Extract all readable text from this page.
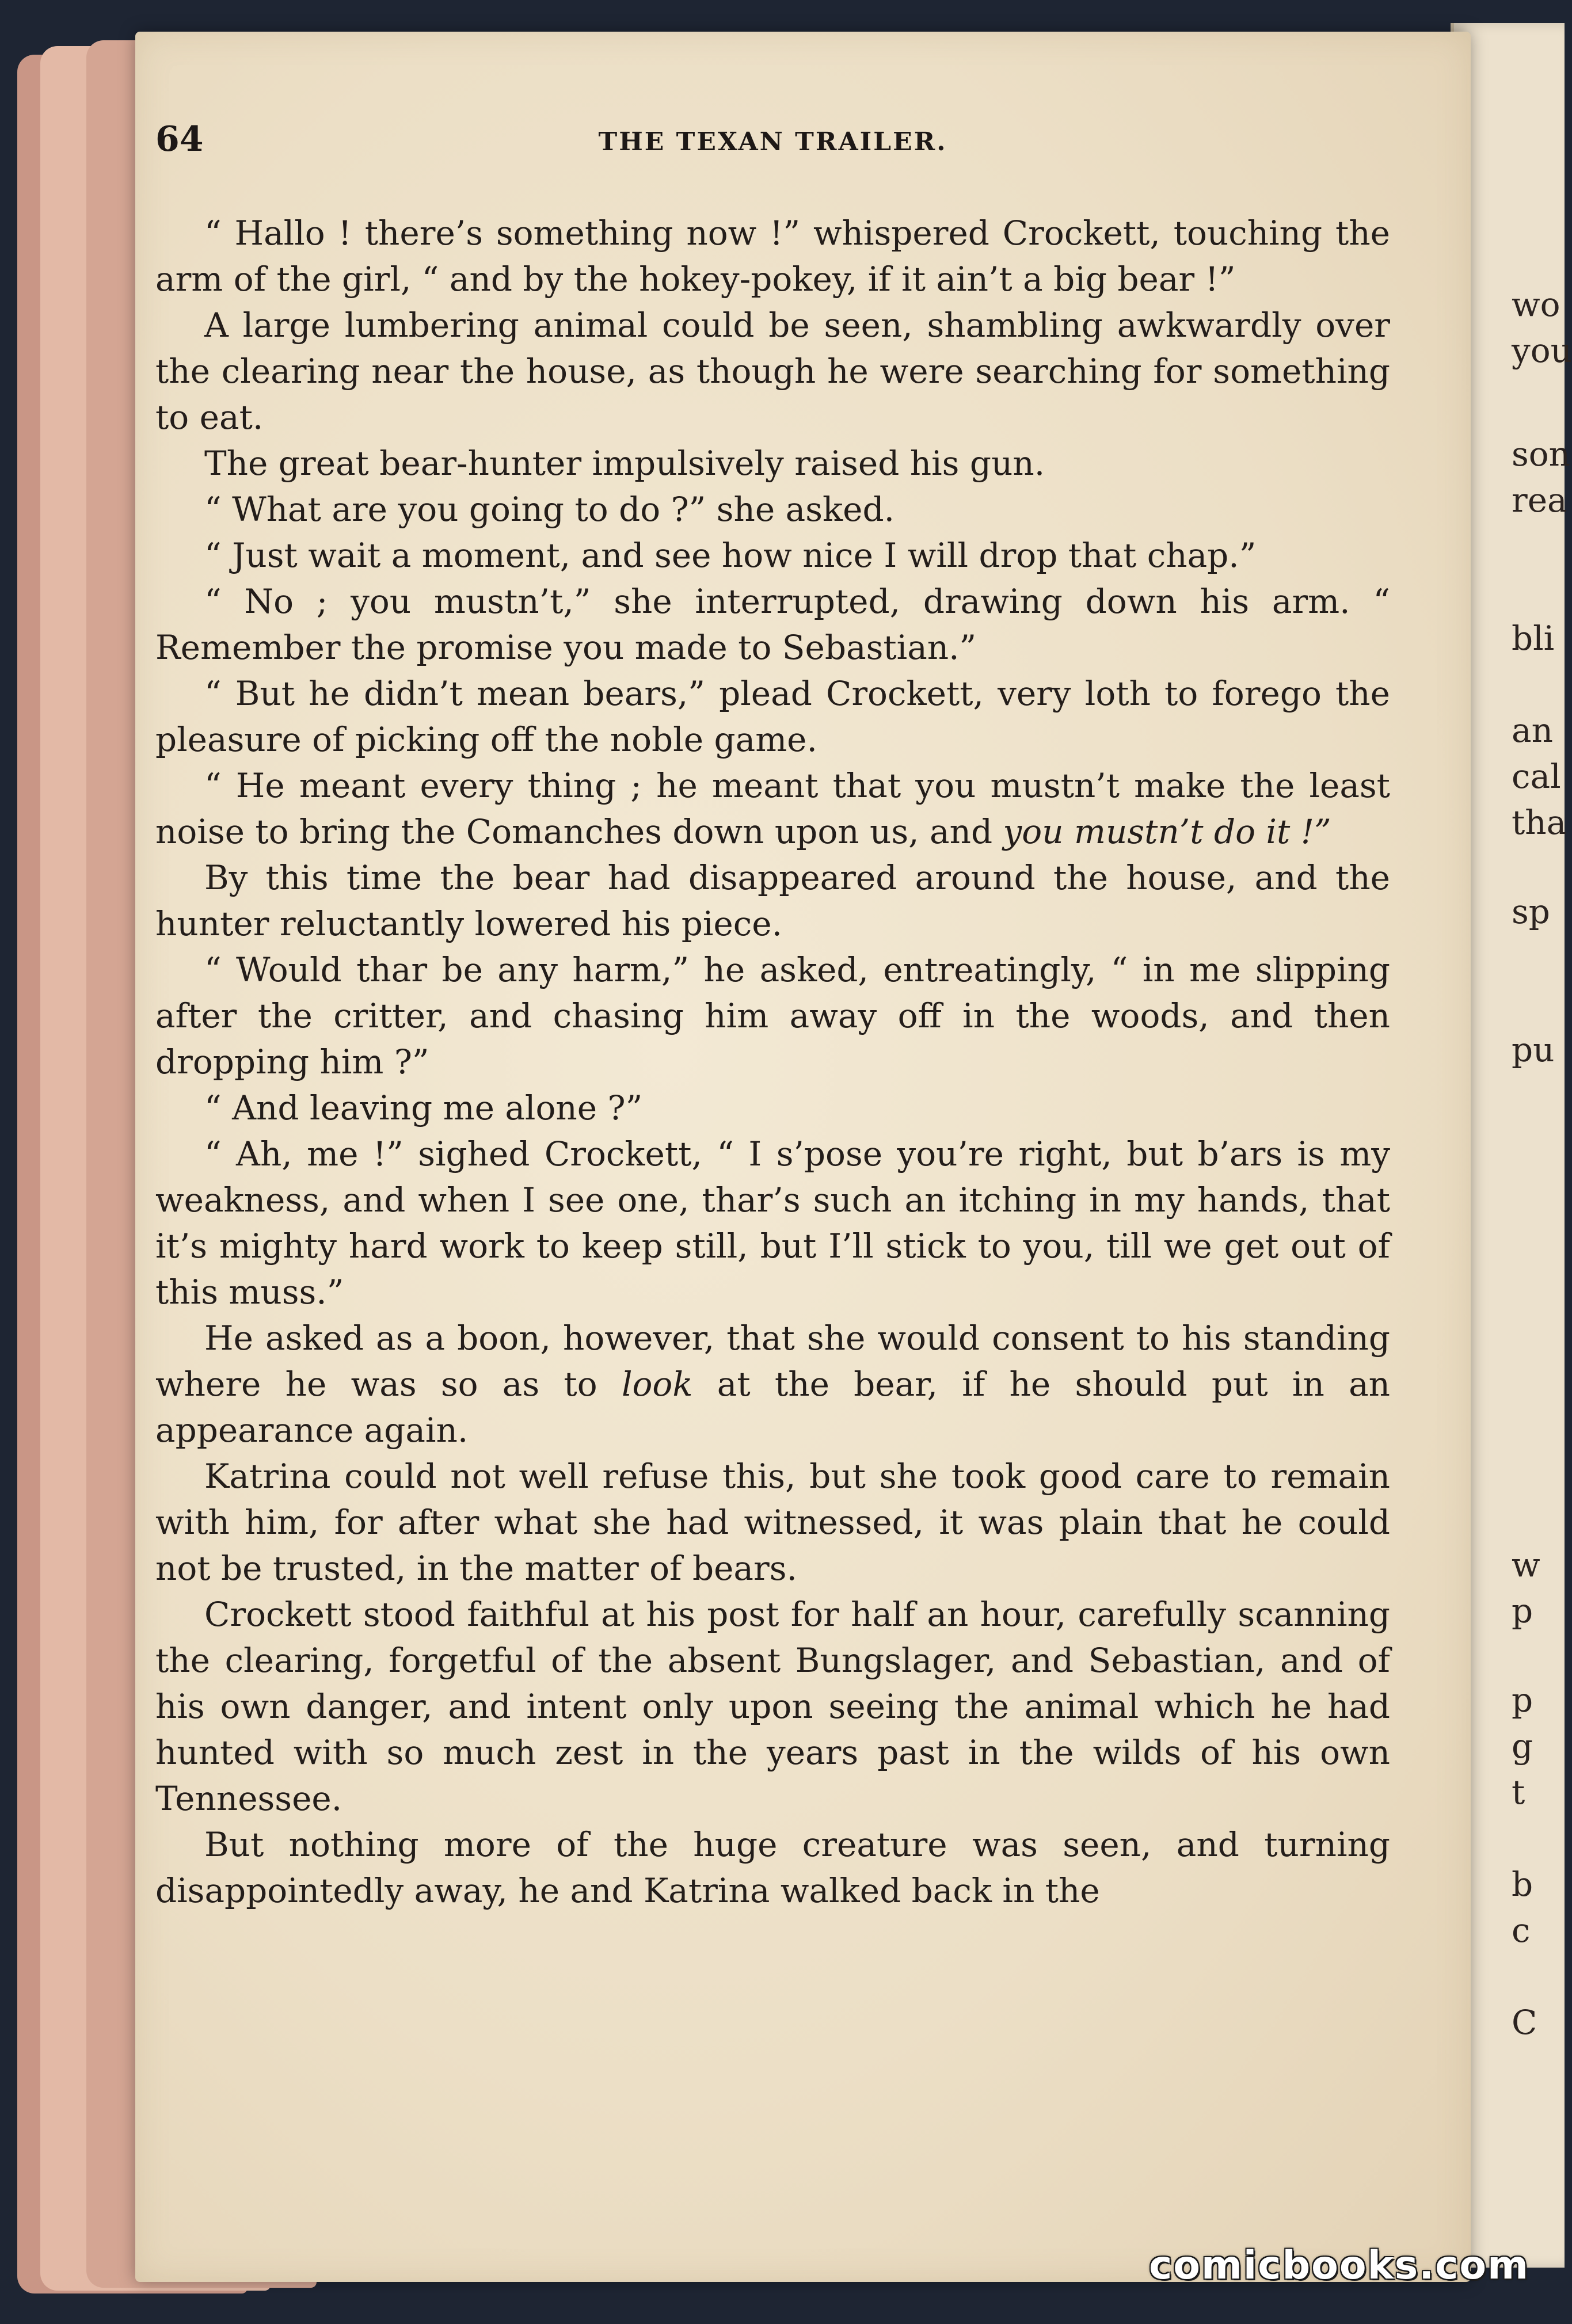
wo
you
son
rea
bli
an
cal
tha
sp
pu
w
p
p
g
t
b
c
C
64	THE TEXAN TRAILER.

“ Hallo ! there’s something now !” whispered Crockett, touching the arm of the girl, “ and by the hokey-pokey, if it ain’t a big bear !”

A large lumbering animal could be seen, shambling awkwardly over the clearing near the house, as though he were searching for something to eat.

The great bear-hunter impulsively raised his gun.

“ What are you going to do ?” she asked.

“ Just wait a moment, and see how nice I will drop that chap.”

“ No ; you mustn’t,” she interrupted, drawing down his arm. “ Remember the promise you made to Sebastian.”

“ But he didn’t mean bears,” plead Crockett, very loth to forego the pleasure of picking off the noble game.

“ He meant every thing ; he meant that you mustn’t make the least noise to bring the Comanches down upon us, and you mustn’t do it !”

By this time the bear had disappeared around the house, and the hunter reluctantly lowered his piece.

“ Would thar be any harm,” he asked, entreatingly, “ in me slipping after the critter, and chasing him away off in the woods, and then dropping him ?”

“ And leaving me alone ?”

“ Ah, me !” sighed Crockett, “ I s’pose you’re right, but b’ars is my weakness, and when I see one, thar’s such an itching in my hands, that it’s mighty hard work to keep still, but I’ll stick to you, till we get out of this muss.”

He asked as a boon, however, that she would consent to his standing where he was so as to look at the bear, if he should put in an appearance again.

Katrina could not well refuse this, but she took good care to remain with him, for after what she had witnessed, it was plain that he could not be trusted, in the matter of bears.

Crockett stood faithful at his post for half an hour, carefully scanning the clearing, forgetful of the absent Bungslager, and Sebastian, and of his own danger, and intent only upon seeing the animal which he had hunted with so much zest in the years past in the wilds of his own Tennessee.

But nothing more of the huge creature was seen, and turning disappointedly away, he and Katrina walked back in the

comicbooks.com
